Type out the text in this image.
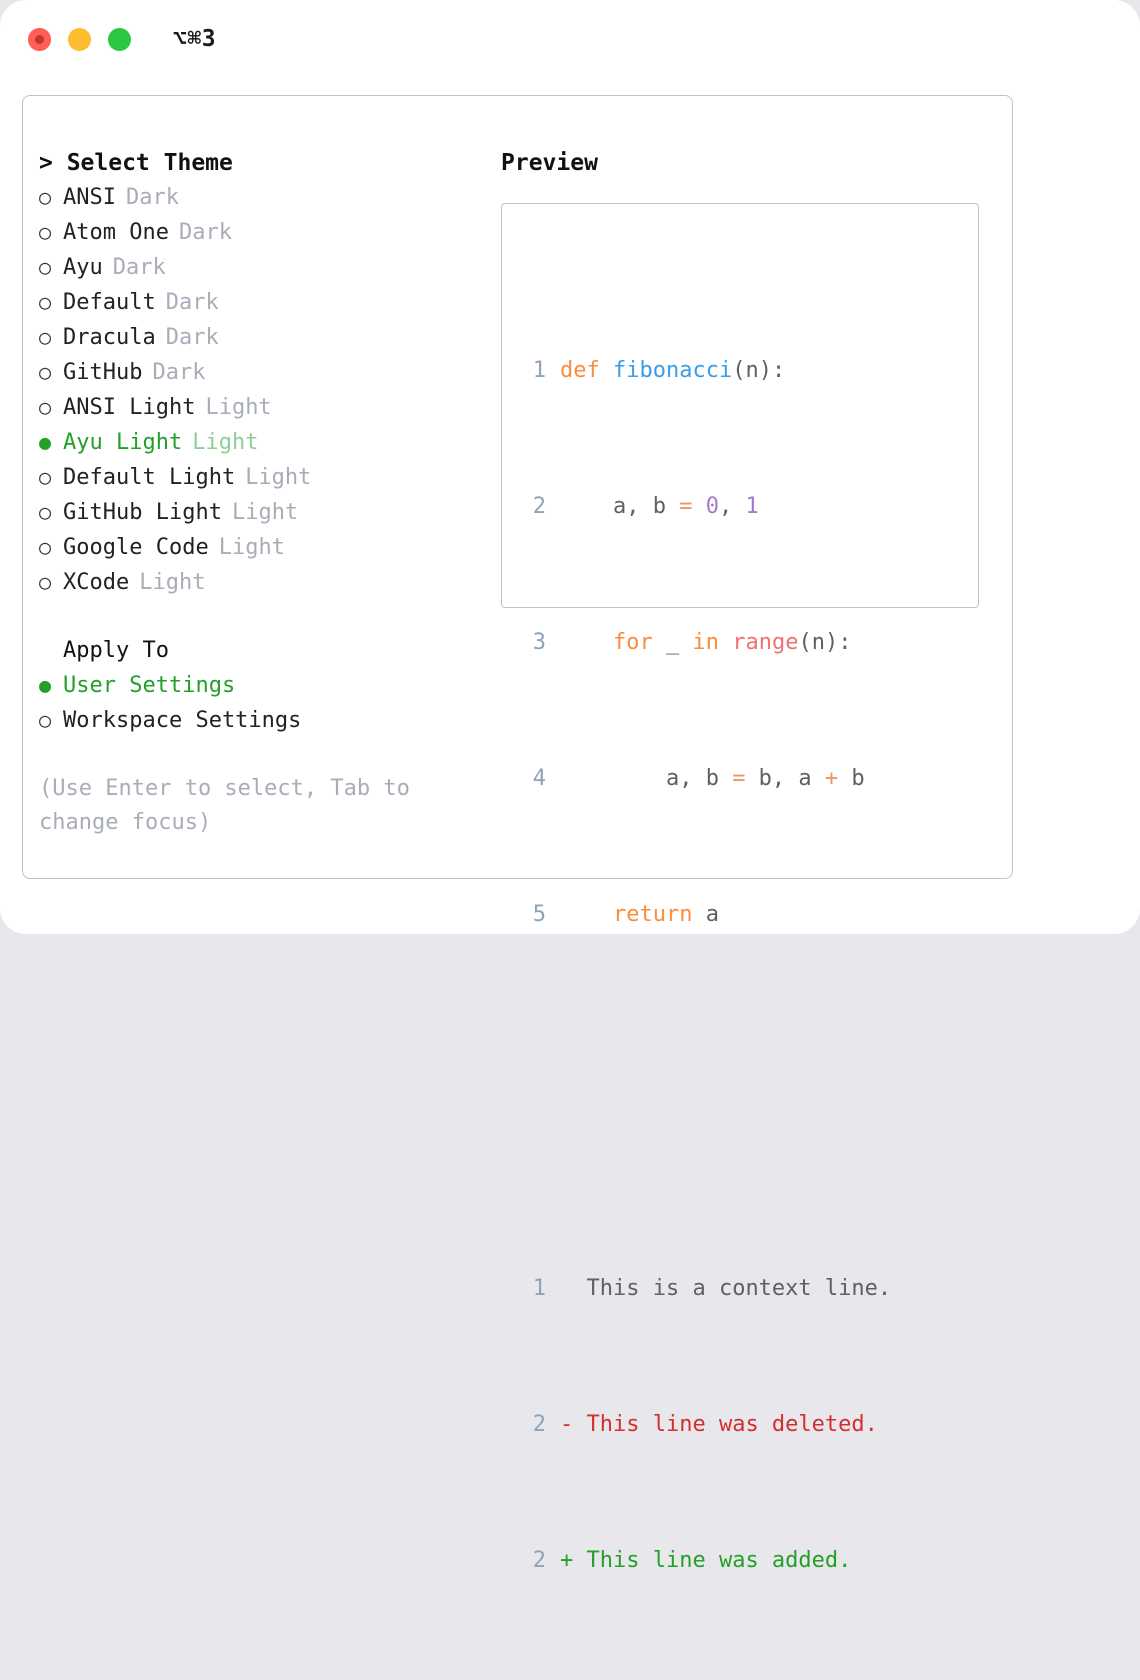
⌥⌘3
> Select Theme
○ ANSI Dark
○ Atom One Dark
○ Ayu Dark
○ Default Dark
○ Dracula Dark
○ GitHub Dark
○ ANSI Light Light
● Ayu Light Light
○ Default Light Light
○ GitHub Light Light
○ Google Code Light
○ XCode Light
Apply To
● User Settings
○ Workspace Settings
(Use Enter to select, Tab to change focus)
Preview

1 def fibonacci(n):

2    a, b = 0, 1

3	for _ in range(n):

4        a, b = b, a + b

5	return a

1 This is a context line.

2 - This line was deleted.

2 + This line was added.
